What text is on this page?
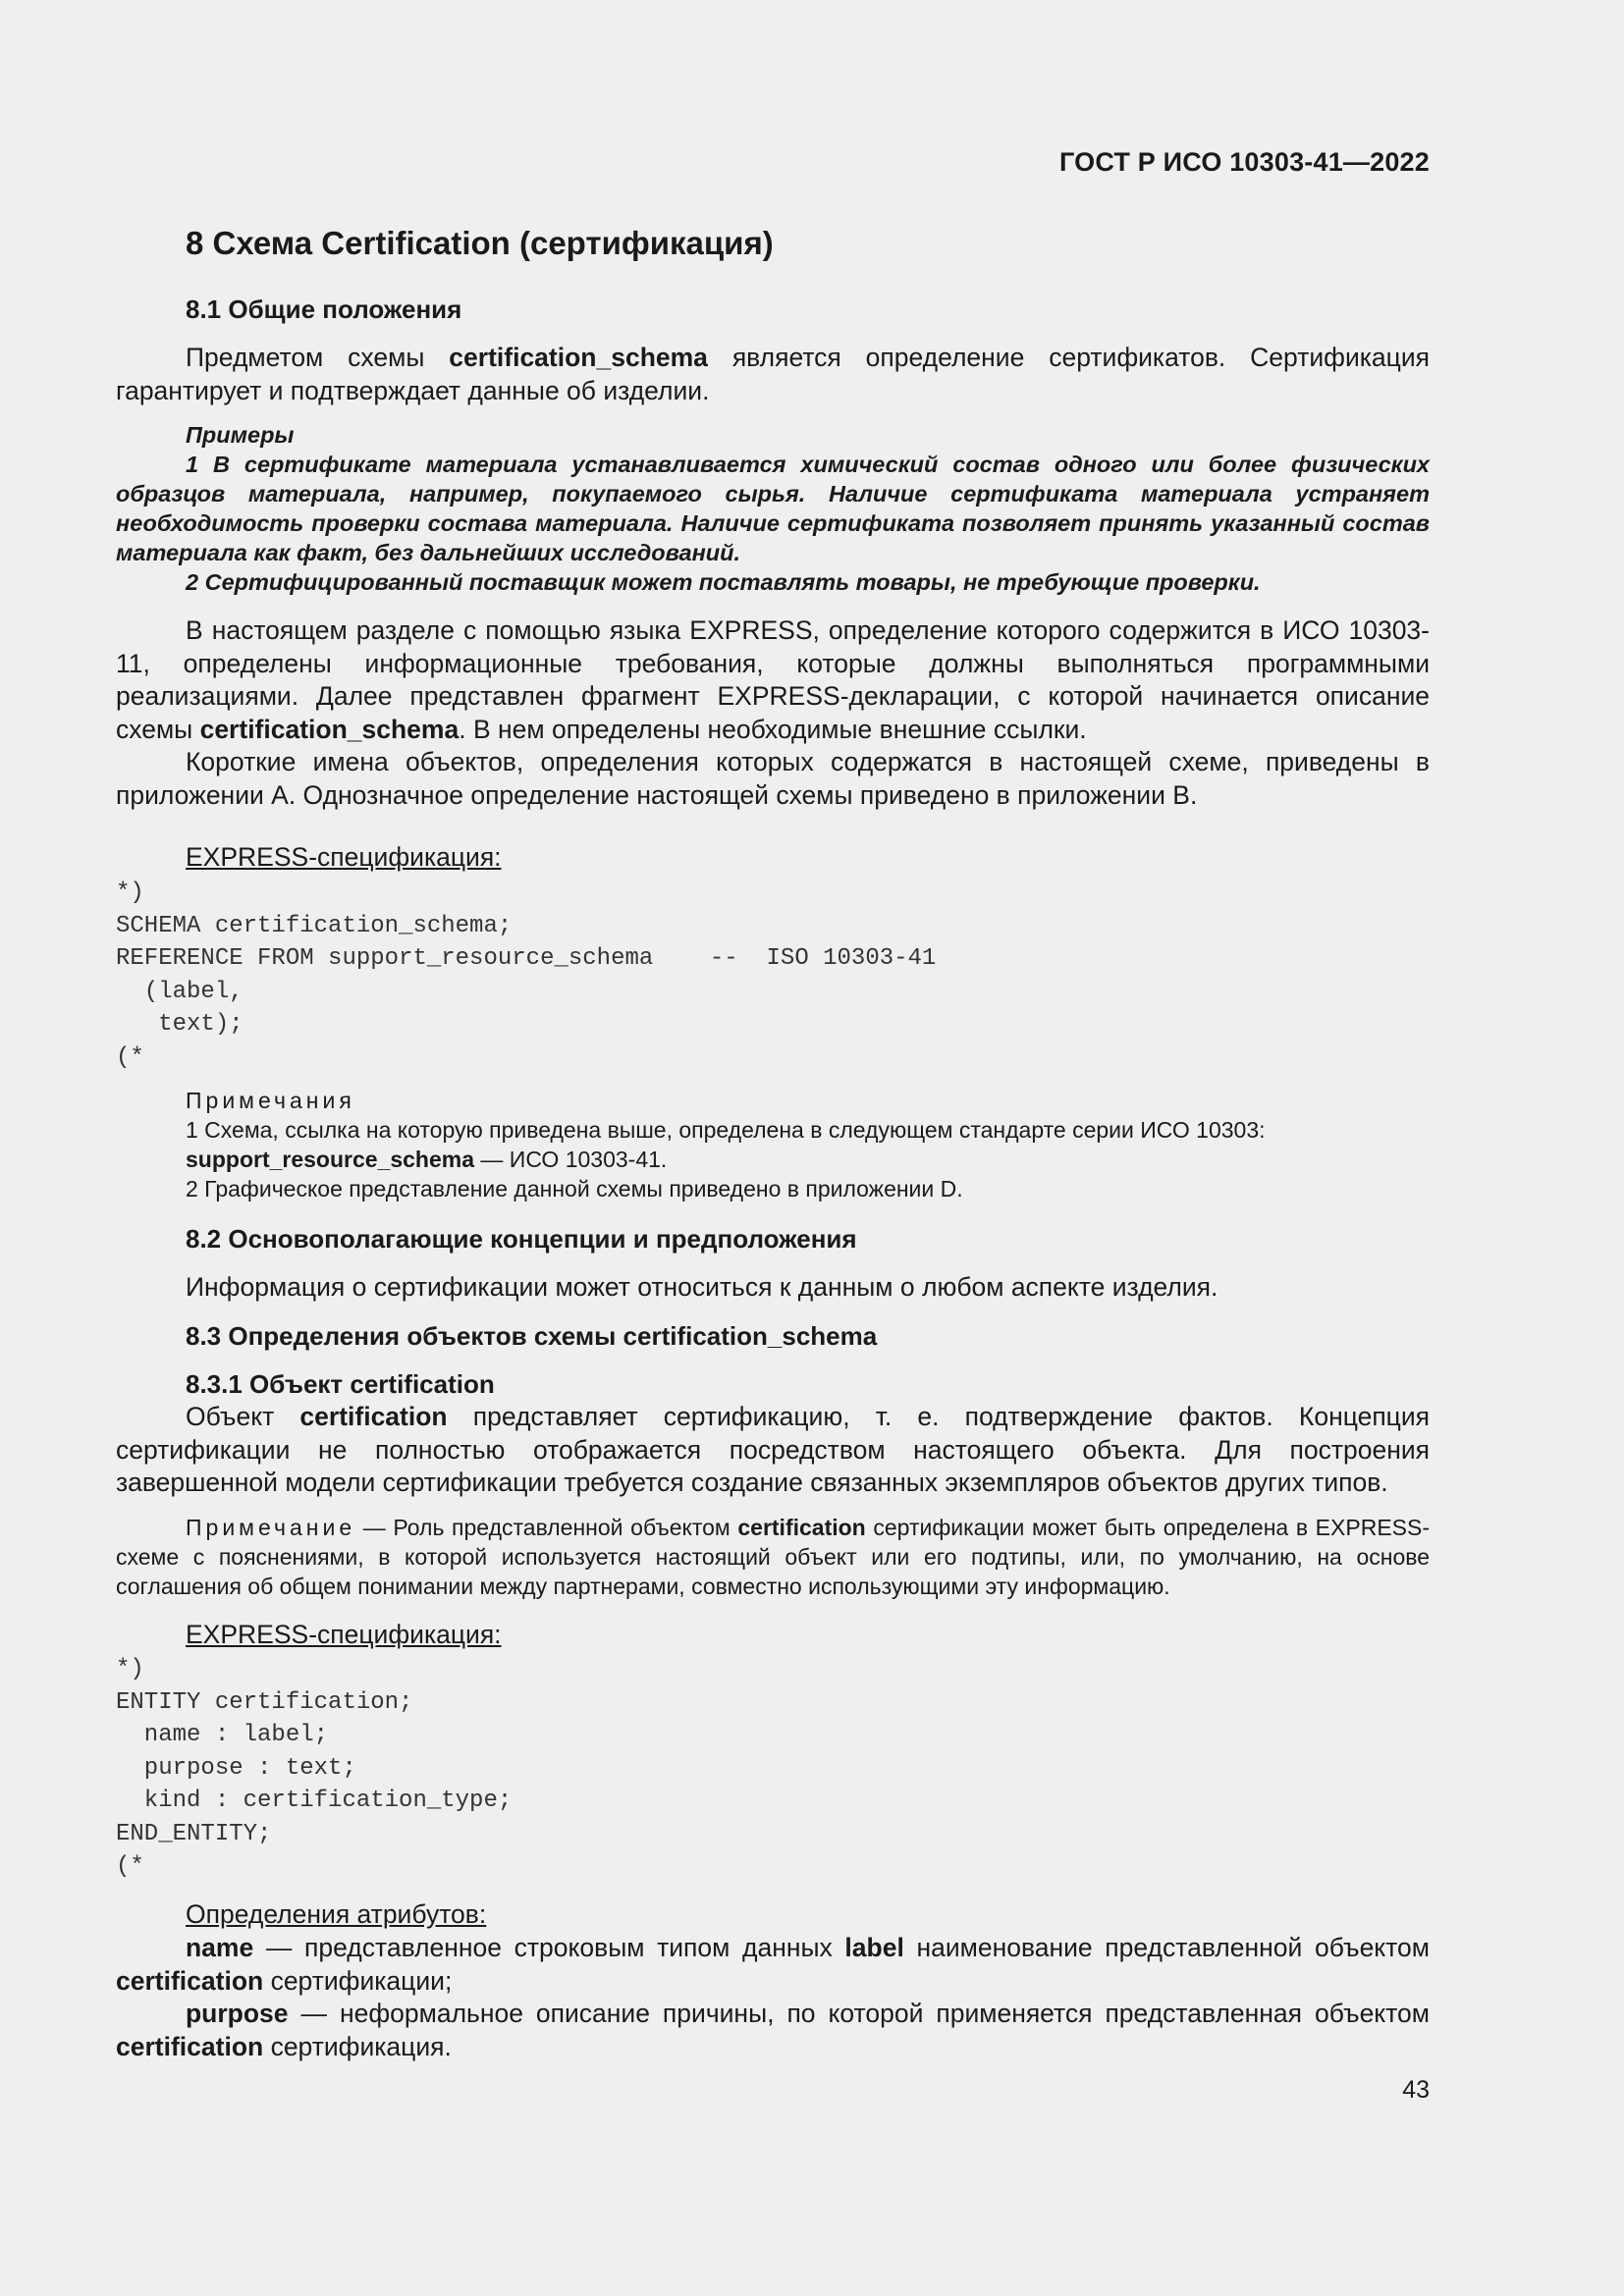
ГОСТ Р ИСО 10303-41—2022
8 Схема Certification (сертификация)
8.1 Общие положения

Предметом схемы certification_schema является определение сертификатов. Сертификация гарантирует и подтверждает данные об изделии.

Примеры

1 В сертификате материала устанавливается химический состав одного или более физических образцов материала, например, покупаемого сырья. Наличие сертификата материала устраняет необходимость проверки состава материала. Наличие сертификата позволяет принять указанный состав материала как факт, без дальнейших исследований.

2 Сертифицированный поставщик может поставлять товары, не требующие проверки.

В настоящем разделе с помощью языка EXPRESS, определение которого содержится в ИСО 10303-11, определены информационные требования, которые должны выполняться программными реализациями. Далее представлен фрагмент EXPRESS-декларации, с которой начинается описание схемы certification_schema. В нем определены необходимые внешние ссылки.

Короткие имена объектов, определения которых содержатся в настоящей схеме, приведены в приложении А. Однозначное определение настоящей схемы приведено в приложении В.

EXPRESS-спецификация:
*)
SCHEMA certification_schema;
REFERENCE FROM support_resource_schema    --  ISO 10303-41
(label,
text);
(*

Примечания

1 Схема, ссылка на которую приведена выше, определена в следующем стандарте серии ИСО 10303:

support_resource_schema — ИСО 10303-41.

2 Графическое представление данной схемы приведено в приложении D.

8.2 Основополагающие концепции и предположения

Информация о сертификации может относиться к данным о любом аспекте изделия.

8.3 Определения объектов схемы certification_schema
8.3.1 Объект certification

Объект certification представляет сертификацию, т. е. подтверждение фактов. Концепция сертификации не полностью отображается посредством настоящего объекта. Для построения завершенной модели сертификации требуется создание связанных экземпляров объектов других типов.

Примечание — Роль представленной объектом certification сертификации может быть определена в EXPRESS-схеме с пояснениями, в которой используется настоящий объект или его подтипы, или, по умолчанию, на основе соглашения об общем понимании между партнерами, совместно использующими эту информацию.

EXPRESS-спецификация:
*)
ENTITY certification;
name : label;
purpose : text;
kind : certification_type;
END_ENTITY;
(*
Определения атрибутов:

name — представленное строковым типом данных label наименование представленной объектом certification сертификации;

purpose — неформальное описание причины, по которой применяется представленная объектом certification сертификация.

43
